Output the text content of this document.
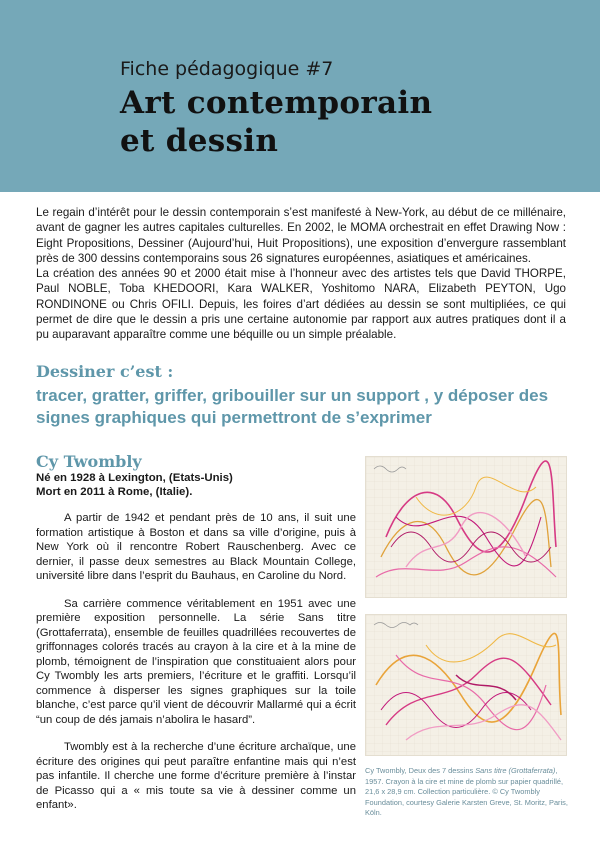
Fiche pédagogique #7
Art contemporain
et dessin

Le regain d’intérêt pour le dessin contemporain s’est manifesté à New-York, au début de ce millénaire, avant de gagner les autres capitales culturelles. En 2002, le MOMA orchestrait en effet Drawing Now : Eight Propositions, Dessiner (Aujourd’hui, Huit Propositions), une exposition d’envergure rassemblant près de 300 dessins contemporains sous 26 signatures européennes, asiatiques et américaines.

La création des années 90 et 2000 était mise à l’honneur avec des artistes tels que David THORPE, Paul NOBLE, Toba KHEDOORI, Kara WALKER, Yoshitomo NARA, Elizabeth PEYTON, Ugo RONDINONE ou Chris OFILI. Depuis, les foires d’art dédiées au dessin se sont multipliées, ce qui permet de dire que le dessin a pris une certaine autonomie par rapport aux autres pratiques dont il a pu auparavant apparaître comme une béquille ou un simple préalable.

Dessiner c’est :
tracer, gratter, griffer, gribouiller sur un support , y déposer des signes graphiques qui permettront de s’exprimer
Cy Twombly
Né en 1928 à Lexington, (Etats-Unis)
Mort en 2011 à Rome, (Italie).

A partir de 1942 et pendant près de 10 ans, il suit une formation artistique à Boston et dans sa ville d’origine, puis à New York où il rencontre Robert Rauschenberg. Avec ce dernier, il passe deux semestres au Black Mountain College, université libre dans l’esprit du Bauhaus, en Caroline du Nord.

Sa carrière commence véritablement en 1951 avec une première exposition personnelle. La série Sans titre (Grottaferrata), ensemble de feuilles quadrillées recouvertes de griffonnages colorés tracés au crayon à la cire et à la mine de plomb, témoignent de l’inspiration que constituaient alors pour Cy Twombly les arts premiers, l’écriture et le graffiti. Lorsqu’il commence à disperser les signes graphiques sur la toile blanche, c’est parce qu’il vient de découvrir Mallarmé qui a écrit “un coup de dés jamais n’abolira le hasard”.

Twombly est à la recherche d’une écriture archaïque, une écriture des origines qui peut paraître enfantine mais qui n’est pas infantile. Il cherche une forme d’écriture première à l’instar de Picasso qui a « mis toute sa vie à dessiner comme un enfant».

Cy Twombly, Deux des 7 dessins Sans titre (Grottaferrata), 1957. Crayon à la cire et mine de plomb sur papier quadrillé, 21,6 x 28,9 cm. Collection particulière. © Cy Twombly Foundation, courtesy Galerie Karsten Greve, St. Moritz, Paris, Köln.
